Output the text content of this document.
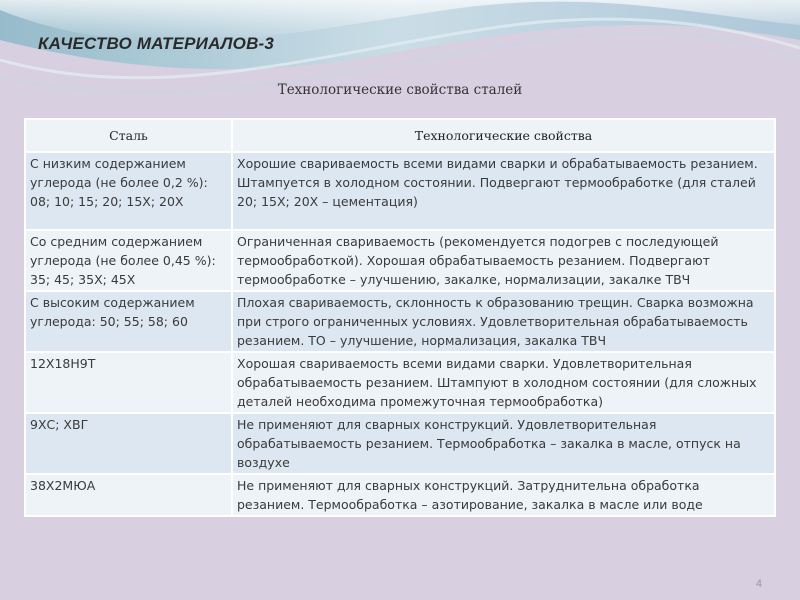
КАЧЕСТВО МАТЕРИАЛОВ-3
Технологические свойства сталей
Сталь	Технологические свойства
С низким содержанием углерода (не более 0,2 %): 08; 10; 15; 20; 15Х; 20Х	Хорошие свариваемость всеми видами сварки и обрабатываемость резанием. Штампуется в холодном состоянии. Подвергают термообработке (для сталей 20; 15Х; 20Х – цементация)
Со средним содержанием углерода (не более 0,45 %): 35; 45; 35Х; 45Х	Ограниченная свариваемость (рекомендуется подогрев с последующей термообработкой). Хорошая обрабатываемость резанием. Подвергают термообработке – улучшению, закалке, нормализации, закалке ТВЧ
С высоким содержанием углерода: 50; 55; 58; 60	Плохая свариваемость, склонность к образованию трещин. Сварка возможна при строго ограниченных условиях. Удовлетворительная обрабатываемость резанием. ТО – улучшение, нормализация, закалка ТВЧ
12Х18Н9Т	Хорошая свариваемость всеми видами сварки. Удовлетворительная обрабатываемость резанием. Штампуют в холодном состоянии (для сложных деталей необходима промежуточная термообработка)
9ХС; ХВГ	Не применяют для сварных конструкций. Удовлетворительная обрабатываемость резанием. Термообработка – закалка в масле, отпуск на воздухе
38Х2МЮА	Не применяют для сварных конструкций. Затруднительна обработка резанием. Термообработка – азотирование, закалка в масле или воде
4
